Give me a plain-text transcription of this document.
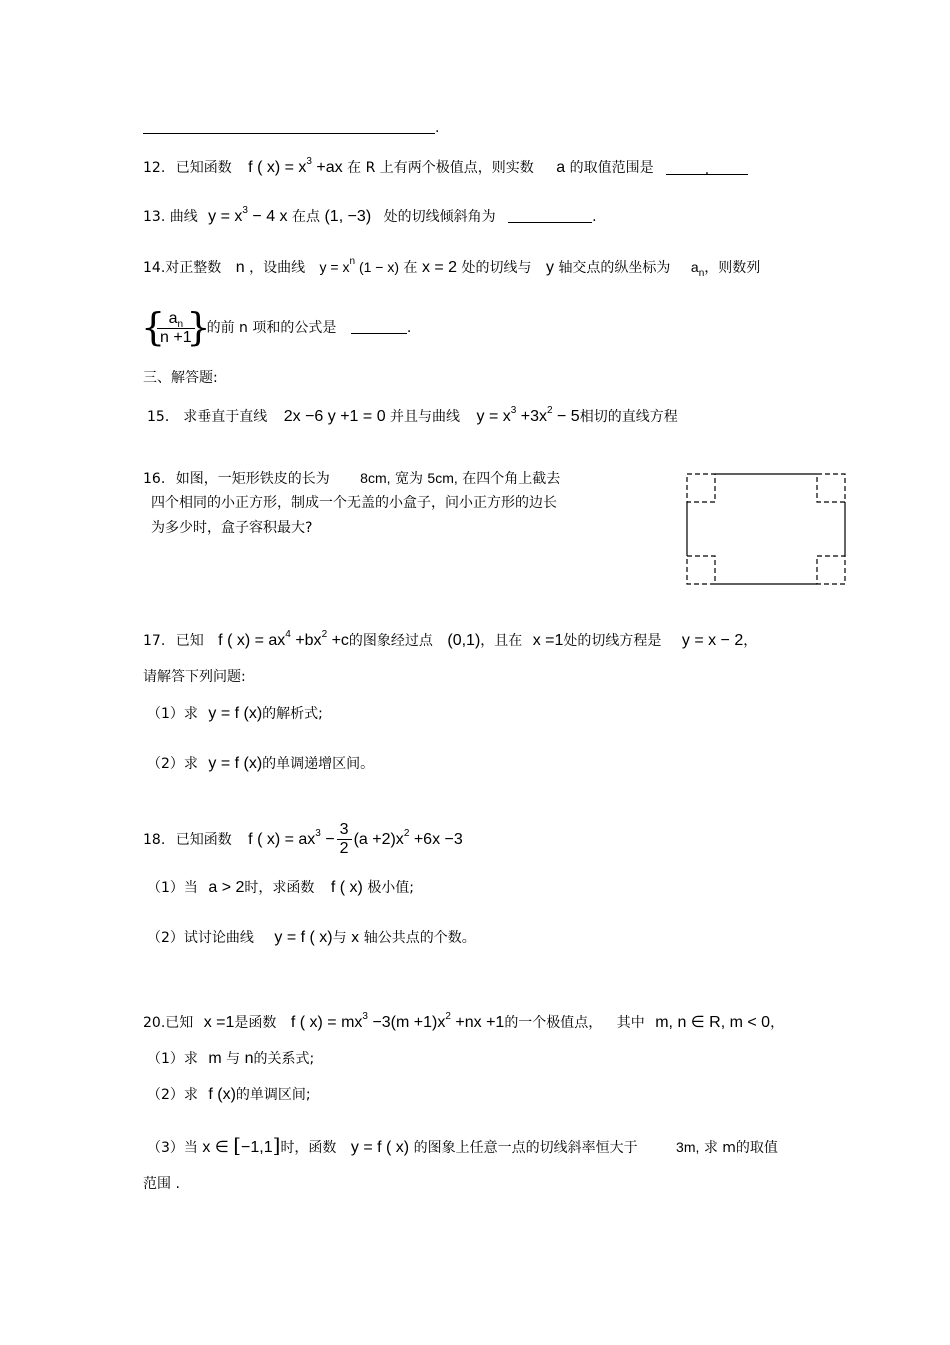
.
12. 已知函数 f ( $x) = x^3 +ax$ 在 R 上有两个极值点，则实数 a 的取值范围是	.
13. 曲线 $y = x^3 - 4$ x 在点 (1, −3) 处的切线倾斜角为	.
14.对正整数 n ，设曲线 $y = x^n$ (1 − x) 在 x = 2 处的切线与 y 轴交点的纵坐标为 $a_n$，则数列
{
$\frac{a_n}{n +1}$
}
的前 n 项和的公式是	.
三、解答题:
15． 求垂直于直线 2x −6 y +1 = 0 并且与曲线 $y = x^3 +3x^2 - 5$相切的直线方程
16. 如图，一矩形铁皮的长为 8cm, 宽为 5cm, 在四个角上截去
四个相同的小正方形，制成一个无盖的小盒子，问小正方形的边长
为多少时，盒子容积最大?
17. 已知 f ( $x) = ax^4 +bx^2 +c$的图象经过点 (0,1)，且在 x =1处的切线方程是 y = x − 2，
请解答下列问题:
（1）求 y = f (x)的解析式;
（2）求 y = f (x)的单调递增区间。
18. 已知函数 f ( $x) = ax^3 - \frac{3}{2} (a +2)x^2 +6x -3$
（1）当 a > 2时，求函数 f ( x) 极小值;
（2）试讨论曲线 y = f ( x)与 x 轴公共点的个数。
20.已知 x =1是函数 f ( $x) = mx^3 -3(m +1)x^2 +nx +1$的一个极值点， 其中 m, n ∈ R, m < 0，
（1）求 m 与 n的关系式;
（2）求 f (x)的单调区间;
（3）当 x ∈ [−1,1]时，函数 y = f ( x) 的图象上任意一点的切线斜率恒大于	3m, 求 m的取值
范围 .
